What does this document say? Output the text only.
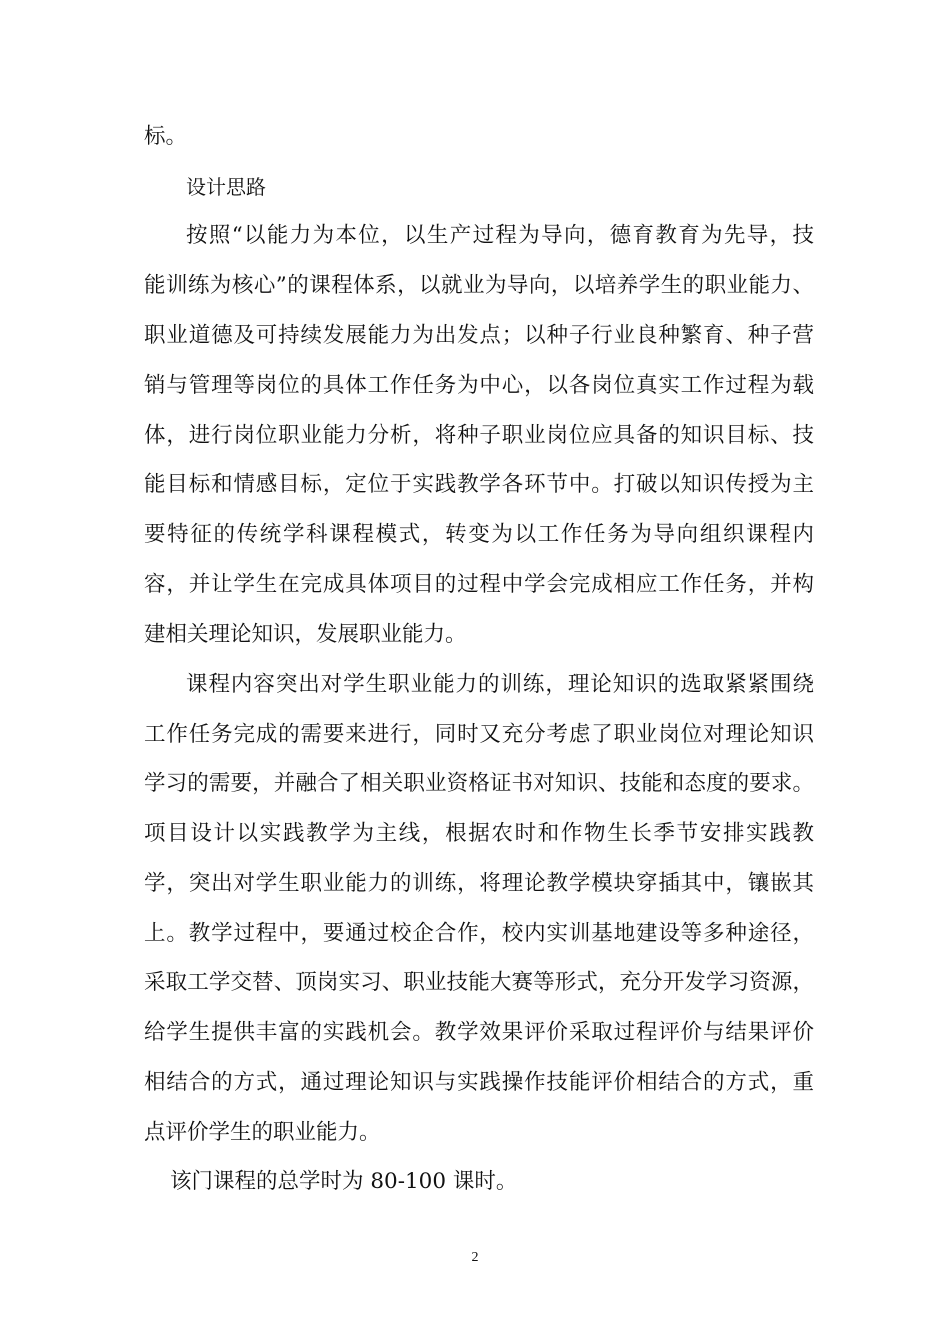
标。
设计思路
按照“以能力为本位，以生产过程为导向，德育教育为先导，技
能训练为核心”的课程体系，以就业为导向，以培养学生的职业能力、
职业道德及可持续发展能力为出发点；以种子行业良种繁育、种子营
销与管理等岗位的具体工作任务为中心，以各岗位真实工作过程为载
体，进行岗位职业能力分析，将种子职业岗位应具备的知识目标、技
能目标和情感目标，定位于实践教学各环节中。打破以知识传授为主
要特征的传统学科课程模式，转变为以工作任务为导向组织课程内
容，并让学生在完成具体项目的过程中学会完成相应工作任务，并构
建相关理论知识，发展职业能力。
课程内容突出对学生职业能力的训练，理论知识的选取紧紧围绕
工作任务完成的需要来进行，同时又充分考虑了职业岗位对理论知识
学习的需要，并融合了相关职业资格证书对知识、技能和态度的要求。
项目设计以实践教学为主线，根据农时和作物生长季节安排实践教
学，突出对学生职业能力的训练，将理论教学模块穿插其中，镶嵌其
上。教学过程中，要通过校企合作，校内实训基地建设等多种途径，
采取工学交替、顶岗实习、职业技能大赛等形式，充分开发学习资源，
给学生提供丰富的实践机会。教学效果评价采取过程评价与结果评价
相结合的方式，通过理论知识与实践操作技能评价相结合的方式，重
点评价学生的职业能力。
该门课程的总学时为 80-100 课时。
2
